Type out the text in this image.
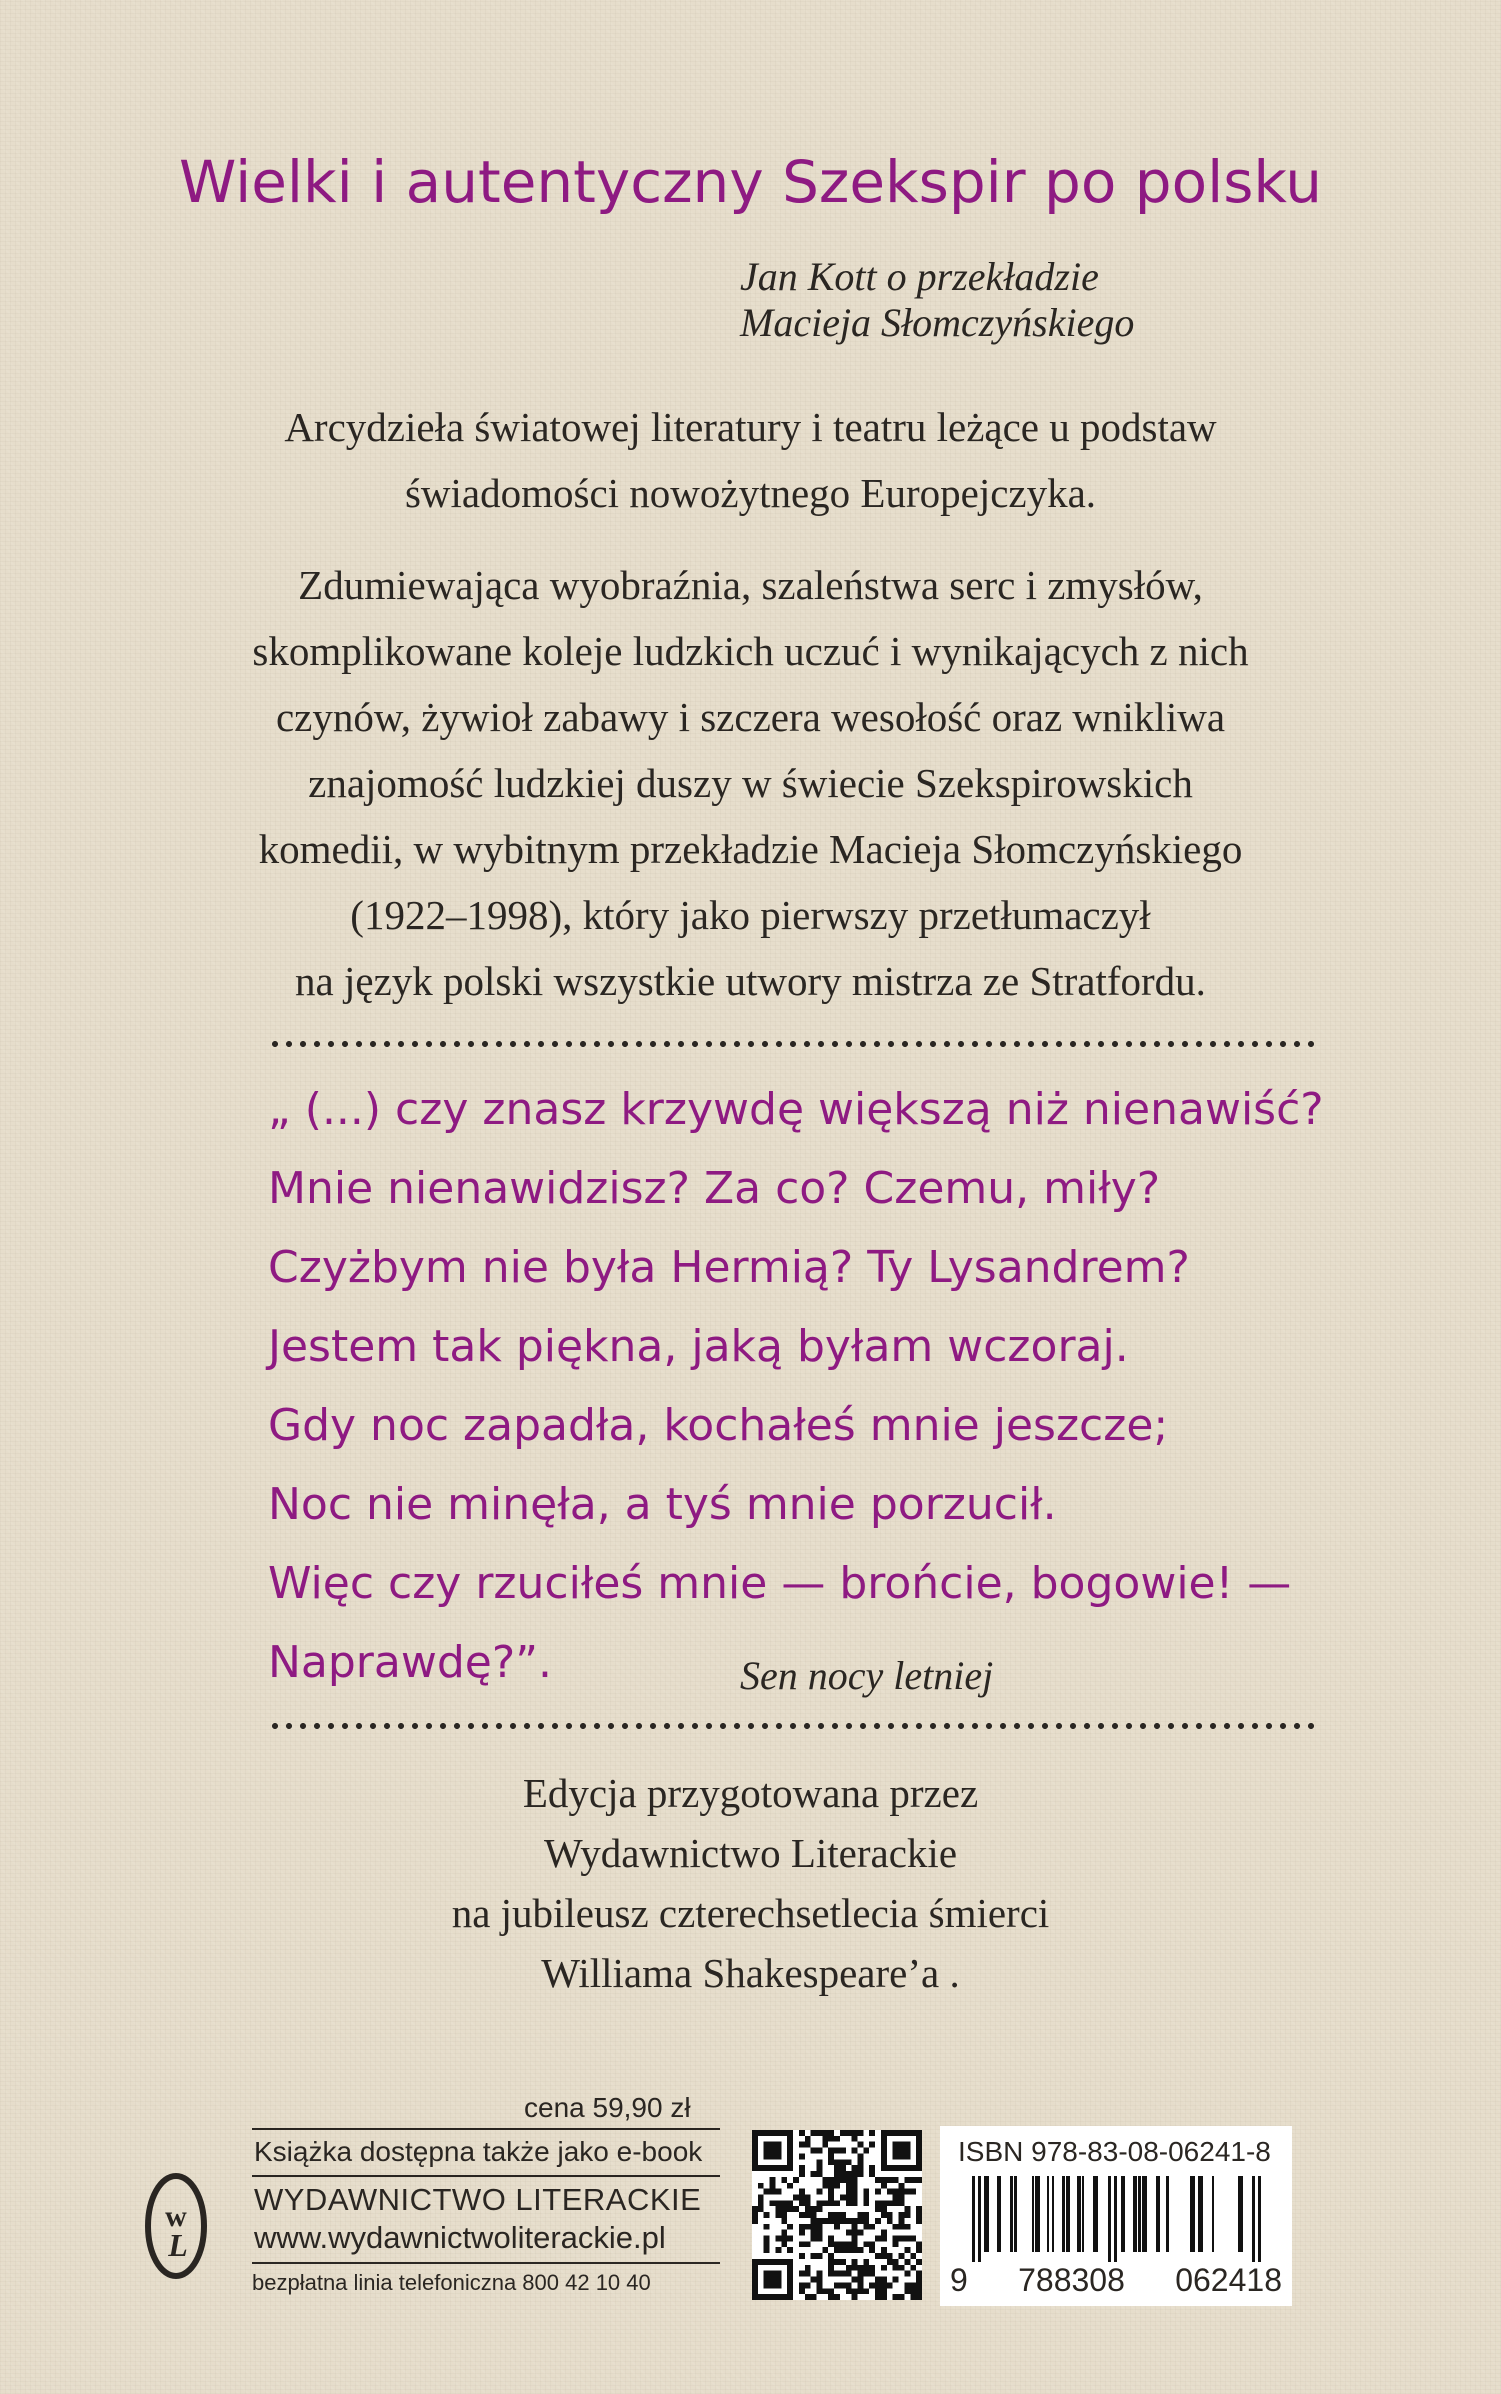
Wielki i autentyczny Szekspir po polsku
Jan Kott o przekładzie
Macieja Słomczyńskiego
Arcydzieła światowej literatury i teatru leżące u podstaw
świadomości nowożytnego Europejczyka.
Zdumiewająca wyobraźnia, szaleństwa serc i zmysłów,
skomplikowane koleje ludzkich uczuć i wynikających z nich
czynów, żywioł zabawy i szczera wesołość oraz wnikliwa
znajomość ludzkiej duszy w świecie Szekspirowskich
komedii, w wybitnym przekładzie Macieja Słomczyńskiego
(1922–1998), który jako pierwszy przetłumaczył
na język polski wszystkie utwory mistrza ze Stratfordu.
„ (...) czy znasz krzywdę większą niż nienawiść?
Mnie nienawidzisz? Za co? Czemu, miły?
Czyżbym nie była Hermią? Ty Lysandrem?
Jestem tak piękna, jaką byłam wczoraj.
Gdy noc zapadła, kochałeś mnie jeszcze;
Noc nie minęła, a tyś mnie porzucił.
Więc czy rzuciłeś mnie — brońcie, bogowie! —
Naprawdę?”.	Sen nocy letniej
Edycja przygotowana przez
Wydawnictwo Literackie
na jubileusz czterechsetlecia śmierci
Williama Shakespeare’a .
cena 59,90 zł
Książka dostępna także jako e-book
w
L
WYDAWNICTWO LITERACKIE
www.wydawnictwoliterackie.pl
bezpłatna linia telefoniczna 800 42 10 40
ISBN 978-83-08-06241-8
9 788308 062418
